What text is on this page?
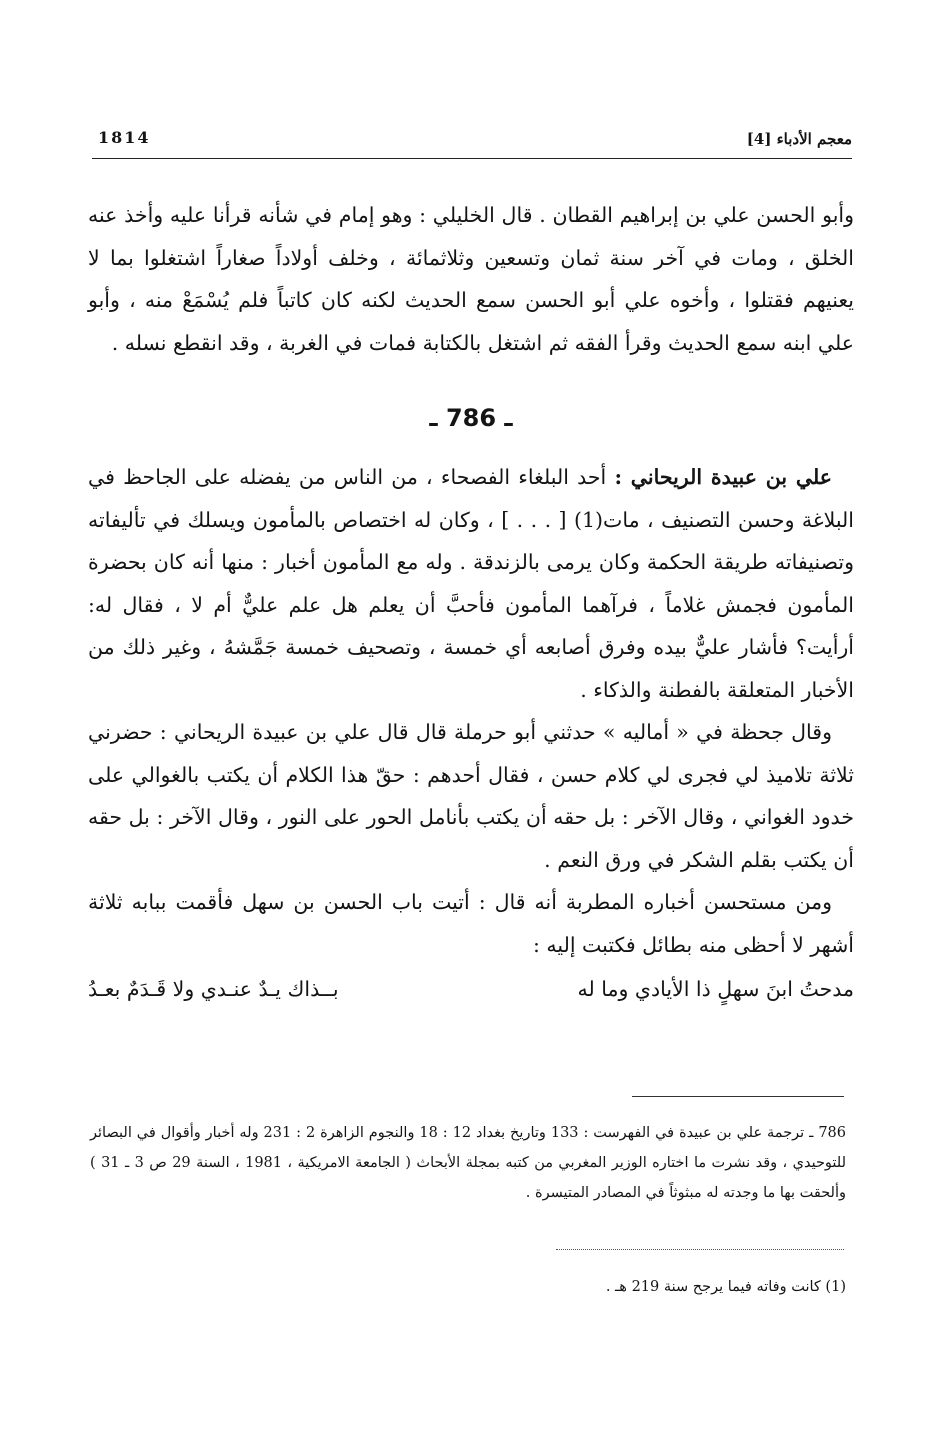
معجم الأدباء [4]
1814

وأبو الحسن علي بن إبراهيم القطان . قال الخليلي : وهو إمام في شأنه قرأنا عليه وأخذ عنه الخلق ، ومات في آخر سنة ثمان وتسعين وثلاثمائة ، وخلف أولاداً صغاراً اشتغلوا بما لا يعنيهم فقتلوا ، وأخوه علي أبو الحسن سمع الحديث لكنه كان كاتباً فلم يُسْمَعْ منه ، وأبو علي ابنه سمع الحديث وقرأ الفقه ثم اشتغل بالكتابة فمات في الغربة ، وقد انقطع نسله .

ـ 786 ـ

علي بن عبيدة الريحاني : أحد البلغاء الفصحاء ، من الناس من يفضله على الجاحظ في البلاغة وحسن التصنيف ، مات(1) [ . . . ] ، وكان له اختصاص بالمأمون ويسلك في تأليفاته وتصنيفاته طريقة الحكمة وكان يرمى بالزندقة . وله مع المأمون أخبار : منها أنه كان بحضرة المأمون فجمش غلاماً ، فرآهما المأمون فأحبَّ أن يعلم هل علم عليٌّ أم لا ، فقال له: أرأيت؟ فأشار عليٌّ بيده وفرق أصابعه أي خمسة ، وتصحيف خمسة جَمَّشهُ ، وغير ذلك من الأخبار المتعلقة بالفطنة والذكاء .

وقال جحظة في « أماليه » حدثني أبو حرملة قال قال علي بن عبيدة الريحاني : حضرني ثلاثة تلاميذ لي فجرى لي كلام حسن ، فقال أحدهم : حقّ هذا الكلام أن يكتب بالغوالي على خدود الغواني ، وقال الآخر : بل حقه أن يكتب بأنامل الحور على النور ، وقال الآخر : بل حقه أن يكتب بقلم الشكر في ورق النعم .

ومن مستحسن أخباره المطربة أنه قال : أتيت باب الحسن بن سهل فأقمت ببابه ثلاثة أشهر لا أحظى منه بطائل فكتبت إليه :

مدحتُ ابنَ سهلٍ ذا الأيادي وما له
بــذاك يـدٌ عنـدي ولا قَـدَمٌ بعـدُ

786 ـ ترجمة علي بن عبيدة في الفهرست : 133 وتاريخ بغداد 12 : 18 والنجوم الزاهرة 2 : 231 وله أخبار وأقوال في البصائر للتوحيدي ، وقد نشرت ما اختاره الوزير المغربي من كتبه بمجلة الأبحاث ( الجامعة الامريكية ، 1981 ، السنة 29 ص 3 ـ 31 ) وألحقت بها ما وجدته له مبثوثاً في المصادر المتيسرة .

(1) كانت وفاته فيما يرجح سنة 219 هـ .
